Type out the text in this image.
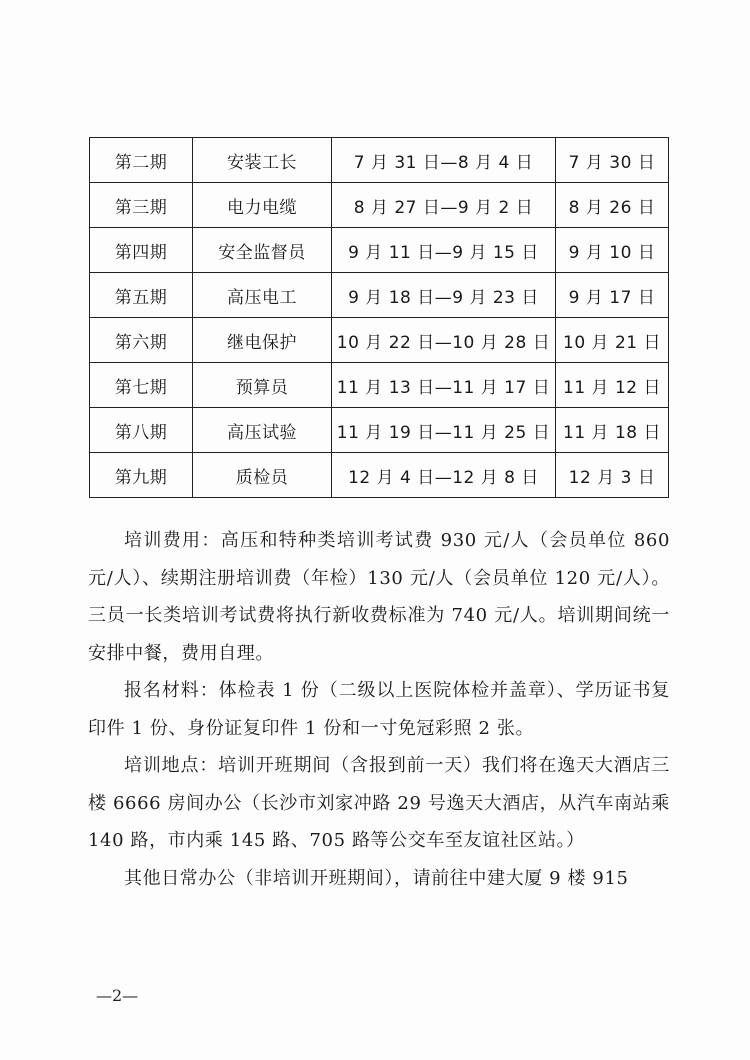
第二期	安装工长	7 月 31 日—8 月 4 日	7 月 30 日
第三期	电力电缆	8 月 27 日—9 月 2 日	8 月 26 日
第四期	安全监督员	9 月 11 日—9 月 15 日	9 月 10 日
第五期	高压电工	9 月 18 日—9 月 23 日	9 月 17 日
第六期	继电保护	10 月 22 日—10 月 28 日	10 月 21 日
第七期	预算员	11 月 13 日—11 月 17 日	11 月 12 日
第八期	高压试验	11 月 19 日—11 月 25 日	11 月 18 日
第九期	质检员	12 月 4 日—12 月 8 日	12 月 3 日

培训费用：高压和特种类培训考试费 930 元/人（会员单位 860 元/人）、续期注册培训费（年检）130 元/人（会员单位 120 元/人）。三员一长类培训考试费将执行新收费标准为 740 元/人。培训期间统一安排中餐，费用自理。

报名材料：体检表 1 份（二级以上医院体检并盖章）、学历证书复印件 1 份、身份证复印件 1 份和一寸免冠彩照 2 张。

培训地点：培训开班期间（含报到前一天）我们将在逸天大酒店三楼 6666 房间办公（长沙市刘家冲路 29 号逸天大酒店，从汽车南站乘 140 路，市内乘 145 路、705 路等公交车至友谊社区站。）

其他日常办公（非培训开班期间），请前往中建大厦 9 楼 915

—2—
